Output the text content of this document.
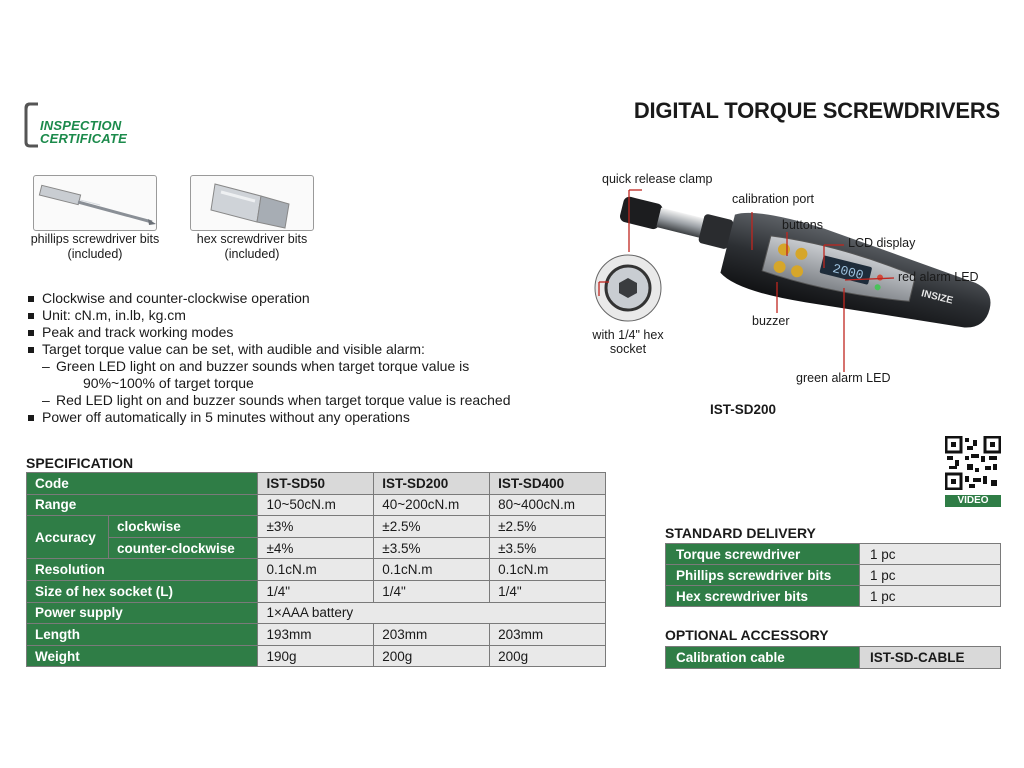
INSPECTION
CERTIFICATE
DIGITAL TORQUE SCREWDRIVERS
phillips screwdriver bits
(included)
hex screwdriver bits
(included)
Clockwise and counter-clockwise operation
Unit: cN.m, in.lb, kg.cm
Peak and track working modes
Target torque value can be set, with audible and visible alarm:
– Green LED light on and buzzer sounds when target torque value is
90%~100% of target torque
– Red LED light on and buzzer sounds when target torque value is reached
Power off automatically in 5 minutes without any operations
2000
INSIZE
quick release clamp
calibration port
buttons
LCD display
red alarm LED
buzzer
green alarm LED
with 1/4" hex
socket
IST-SD200
VIDEO
SPECIFICATION
Code		IST-SD50	IST-SD200	IST-SD400
Range		10~50cN.m	40~200cN.m	80~400cN.m
Accuracy	clockwise	±3%	±2.5%	±2.5%
	counter-clockwise	±4%	±3.5%	±3.5%
Resolution		0.1cN.m	0.1cN.m	0.1cN.m
Size of hex socket (L)		1/4"	1/4"	1/4"
Power supply		1×AAA battery		
Length		193mm	203mm	203mm
Weight		190g	200g	200g
STANDARD DELIVERY
Torque screwdriver	1 pc
Phillips screwdriver bits	1 pc
Hex screwdriver bits	1 pc
OPTIONAL ACCESSORY
Calibration cable	IST-SD-CABLE
